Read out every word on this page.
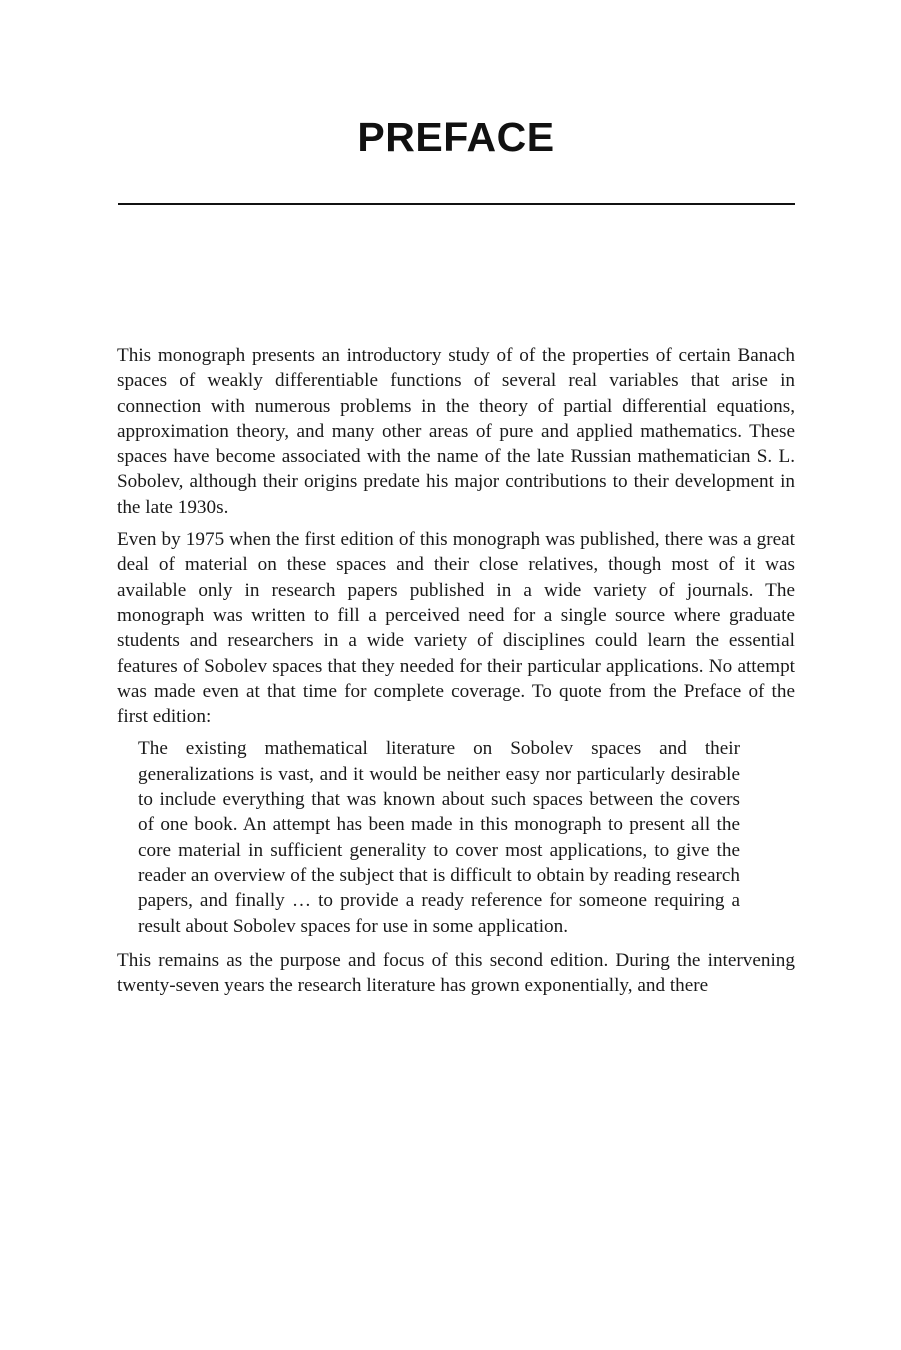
PREFACE

This monograph presents an introductory study of of the properties of certain Banach spaces of weakly differentiable functions of several real variables that arise in connection with numerous problems in the theory of partial differential equations, approximation theory, and many other areas of pure and applied mathematics. These spaces have become associated with the name of the late Russian mathematician S. L. Sobolev, although their origins predate his major contributions to their development in the late 1930s.

Even by 1975 when the first edition of this monograph was published, there was a great deal of material on these spaces and their close relatives, though most of it was available only in research papers published in a wide variety of journals. The monograph was written to fill a perceived need for a single source where graduate students and researchers in a wide variety of disciplines could learn the essential features of Sobolev spaces that they needed for their particular applications. No attempt was made even at that time for complete coverage. To quote from the Preface of the first edition:

The existing mathematical literature on Sobolev spaces and their generalizations is vast, and it would be neither easy nor particularly desirable to include everything that was known about such spaces between the covers of one book. An attempt has been made in this monograph to present all the core material in sufficient generality to cover most applications, to give the reader an overview of the subject that is difficult to obtain by reading research papers, and finally … to provide a ready reference for someone requiring a result about Sobolev spaces for use in some application.

This remains as the purpose and focus of this second edition. During the intervening twenty-seven years the research literature has grown exponentially, and there
